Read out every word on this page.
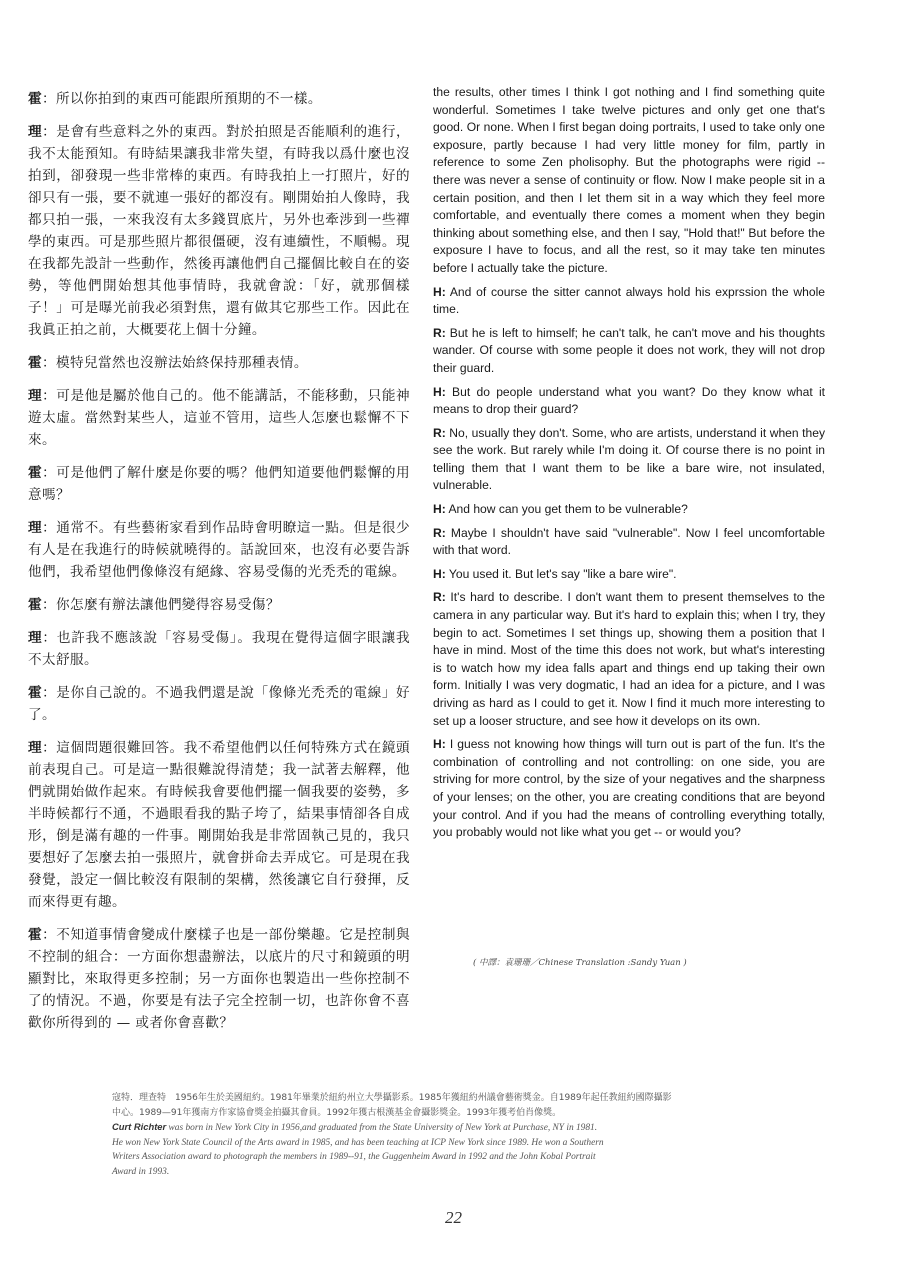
霍：所以你拍到的東西可能跟所預期的不一樣。

理：是會有些意料之外的東西。對於拍照是否能順利的進行，我不太能預知。有時結果讓我非常失望，有時我以爲什麼也沒拍到，卻發現一些非常棒的東西。有時我拍上一打照片，好的卻只有一張，要不就連一張好的都沒有。剛開始拍人像時，我都只拍一張，一來我沒有太多錢買底片，另外也牽涉到一些禪學的東西。可是那些照片都很僵硬，沒有連續性，不順暢。現在我都先設計一些動作，然後再讓他們自己擺個比較自在的姿勢，等他們開始想其他事情時，我就會說：「好，就那個樣子！」可是曝光前我必須對焦，還有做其它那些工作。因此在我眞正拍之前，大概要花上個十分鐘。

霍：模特兒當然也沒辦法始終保持那種表情。

理：可是他是屬於他自己的。他不能講話，不能移動，只能神遊太虛。當然對某些人，這並不管用，這些人怎麼也鬆懈不下來。

霍：可是他們了解什麼是你要的嗎？他們知道要他們鬆懈的用意嗎？

理：通常不。有些藝術家看到作品時會明瞭這一點。但是很少有人是在我進行的時候就曉得的。話說回來，也沒有必要告訴他們，我希望他們像條沒有絕緣、容易受傷的光禿禿的電線。

霍：你怎麼有辦法讓他們變得容易受傷？

理：也許我不應該說「容易受傷」。我現在覺得這個字眼讓我不太舒服。

霍：是你自己說的。不過我們還是說「像條光禿禿的電線」好了。

理：這個問題很難回答。我不希望他們以任何特殊方式在鏡頭前表現自己。可是這一點很難說得清楚；我一試著去解釋，他們就開始做作起來。有時候我會要他們擺一個我要的姿勢，多半時候都行不通，不過眼看我的點子垮了，結果事情卻各自成形，倒是滿有趣的一件事。剛開始我是非常固執己見的，我只要想好了怎麼去拍一張照片，就會拼命去弄成它。可是現在我發覺，設定一個比較沒有限制的架構，然後讓它自行發揮，反而來得更有趣。

霍：不知道事情會變成什麼樣子也是一部份樂趣。它是控制與不控制的組合：一方面你想盡辦法，以底片的尺寸和鏡頭的明顯對比，來取得更多控制；另一方面你也製造出一些你控制不了的情況。不過，你要是有法子完全控制一切，也許你會不喜歡你所得到的 — 或者你會喜歡？

the results, other times I think I got nothing and I find something quite wonderful. Sometimes I take twelve pictures and only get one that's good. Or none. When I first began doing portraits, I used to take only one exposure, partly because I had very little money for film, partly in reference to some Zen pholisophy. But the photographs were rigid -- there was never a sense of continuity or flow. Now I make people sit in a certain position, and then I let them sit in a way which they feel more comfortable, and eventually there comes a moment when they begin thinking about something else, and then I say, "Hold that!" But before the exposure I have to focus, and all the rest, so it may take ten minutes before I actually take the picture.

H: And of course the sitter cannot always hold his exprssion the whole time.

R: But he is left to himself; he can't talk, he can't move and his thoughts wander. Of course with some people it does not work, they will not drop their guard.

H: But do people understand what you want? Do they know what it means to drop their guard?

R: No, usually they don't. Some, who are artists, understand it when they see the work. But rarely while I'm doing it. Of course there is no point in telling them that I want them to be like a bare wire, not insulated, vulnerable.

H: And how can you get them to be vulnerable?

R: Maybe I shouldn't have said "vulnerable". Now I feel uncomfortable with that word.

H: You used it. But let's say "like a bare wire".

R: It's hard to describe. I don't want them to present themselves to the camera in any particular way. But it's hard to explain this; when I try, they begin to act. Sometimes I set things up, showing them a position that I have in mind. Most of the time this does not work, but what's interesting is to watch how my idea falls apart and things end up taking their own form. Initially I was very dogmatic, I had an idea for a picture, and I was driving as hard as I could to get it. Now I find it much more interesting to set up a looser structure, and see how it develops on its own.

H: I guess not knowing how things will turn out is part of the fun. It's the combination of controlling and not controlling: on one side, you are striving for more control, by the size of your negatives and the sharpness of your lenses; on the other, you are creating conditions that are beyond your control. And if you had the means of controlling everything totally, you probably would not like what you get -- or would you?

( 中譯：袁珊珊／Chinese Translation :Sandy Yuan )
寇特．理查特　1956年生於美國紐約。1981年畢業於紐約州立大學攝影系。1985年獲紐約州議會藝術獎金。自1989年起任教紐約國際攝影
中心。1989—91年獲南方作家協會獎金拍攝其會員。1992年獲古根漢基金會攝影獎金。1993年獲考伯肖像獎。
Curt Richter was born in New York City in 1956,and graduated from the State University of New York at Purchase, NY in 1981.
He won New York State Council of the Arts award in 1985, and has been teaching at ICP New York since 1989. He won a Southern
Writers Association award to photograph the members in 1989--91, the Guggenheim Award in 1992 and the John Kobal Portrait
Award in 1993.
22
